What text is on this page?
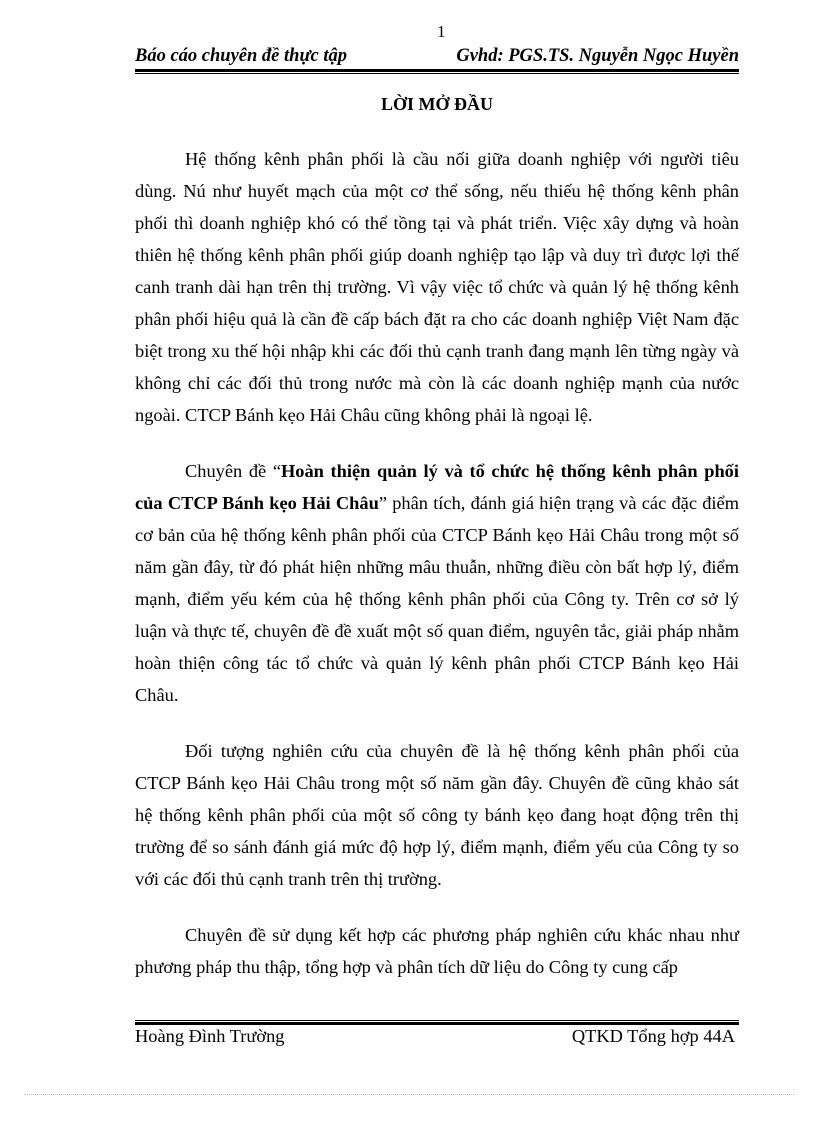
1
Báo cáo chuyên đề thực tập	Gvhd: PGS.TS. Nguyễn Ngọc Huyền
LỜI MỞ ĐẦU

Hệ thống kênh phân phối là cầu nối giữa doanh nghiệp với người tiêu dùng. Nú như huyết mạch của một cơ thể sống, nếu thiếu hệ thống kênh phân phối thì doanh nghiệp khó có thể tồng tại và phát triển. Việc xây dựng và hoàn thiên hệ thống kênh phân phối giúp doanh nghiệp tạo lập và duy trì được lợi thế canh tranh dài hạn trên thị trường. Vì vậy việc tổ chức và quản lý hệ thống kênh phân phối hiệu quả là cần đề cấp bách đặt ra cho các doanh nghiệp Việt Nam đặc biệt trong xu thế hội nhập khi các đối thủ cạnh tranh đang mạnh lên từng ngày và không chỉ các đối thủ trong nước mà còn là các doanh nghiệp mạnh của nước ngoài. CTCP Bánh kẹo Hải Châu cũng không phải là ngoại lệ.

Chuyên đề “Hoàn thiện quản lý và tổ chức hệ thống kênh phân phối của CTCP Bánh kẹo Hải Châu” phân tích, đánh giá hiện trạng và các đặc điểm cơ bản của hệ thống kênh phân phối của CTCP Bánh kẹo Hải Châu trong một số năm gần đây, từ đó phát hiện những mâu thuẫn, những điều còn bất hợp lý, điểm mạnh, điểm yếu kém của hệ thống kênh phân phối của Công ty. Trên cơ sở lý luận và thực tế, chuyên đề đề xuất một số quan điểm, nguyên tắc, giải pháp nhằm hoàn thiện công tác tổ chức và quản lý kênh phân phối CTCP Bánh kẹo Hải Châu.

Đối tượng nghiên cứu của chuyên đề là hệ thống kênh phân phối của CTCP Bánh kẹo Hải Châu trong một số năm gần đây. Chuyên đề cũng khảo sát hệ thống kênh phân phối của một số công ty bánh kẹo đang hoạt động trên thị trường để so sánh đánh giá mức độ hợp lý, điểm mạnh, điểm yếu của Công ty so với các đối thủ cạnh tranh trên thị trường.

Chuyên đề sử dụng kết hợp các phương pháp nghiên cứu khác nhau như phương pháp thu thập, tổng hợp và phân tích dữ liệu do Công ty cung cấp

Hoàng Đình Trường	QTKD Tổng hợp 44A
